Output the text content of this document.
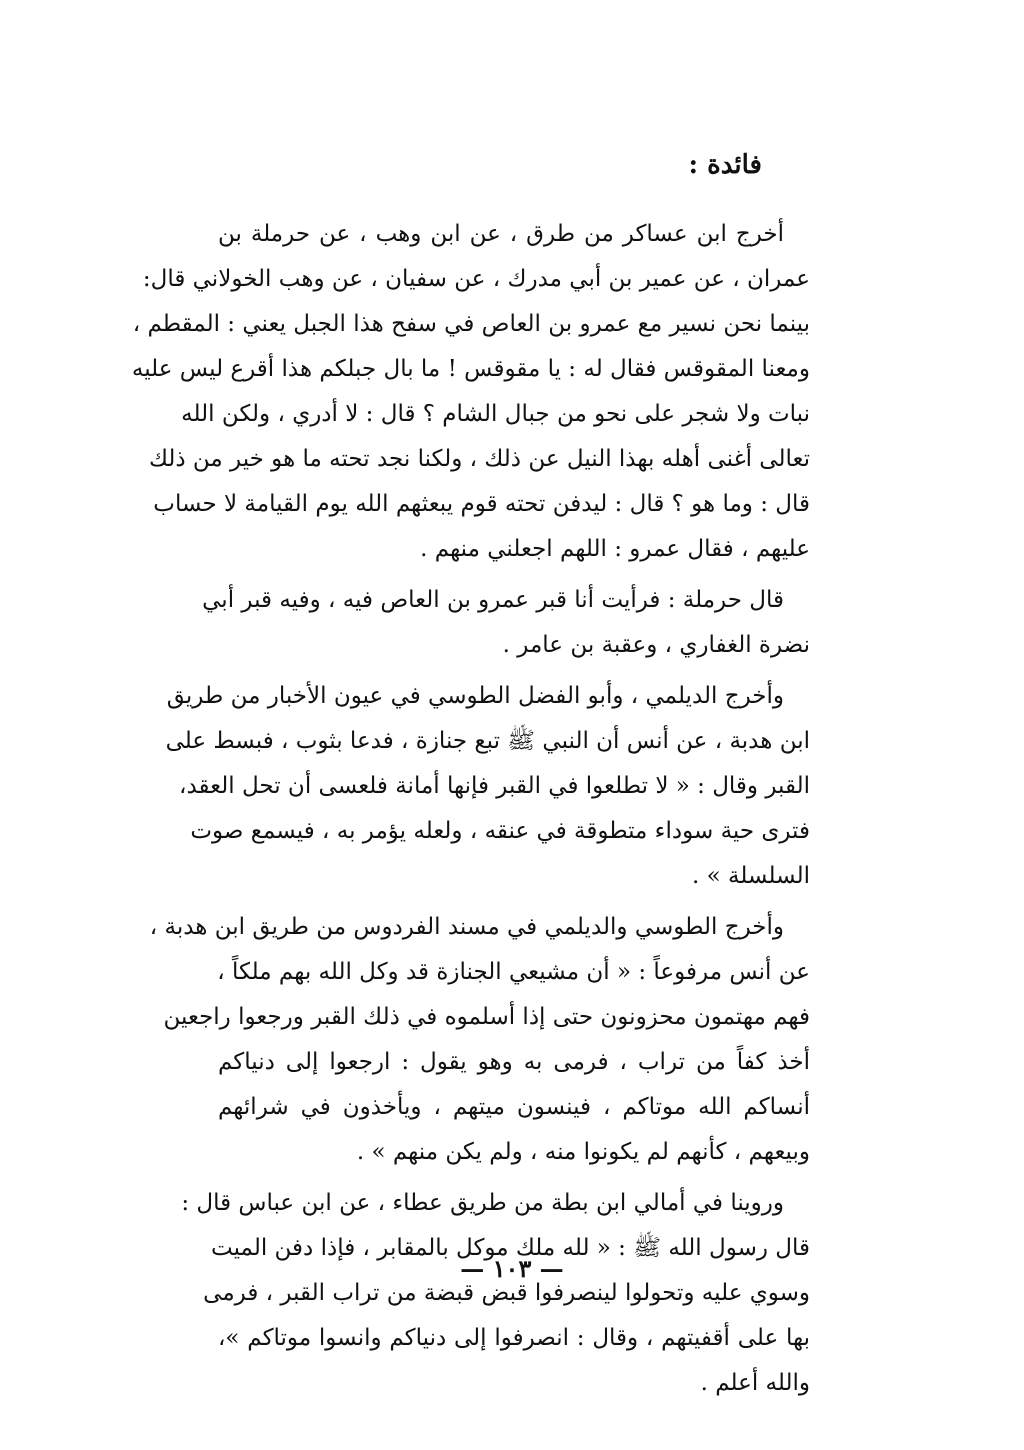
فائدة :
أخرج ابن عساكر من طرق ، عن ابن وهب ، عن حرملة بن
عمران ، عن عمير بن أبي مدرك ، عن سفيان ، عن وهب الخولاني قال:
بينما نحن نسير مع عمرو بن العاص في سفح هذا الجبل يعني : المقطم ،
ومعنا المقوقس فقال له : يا مقوقس ! ما بال جبلكم هذا أقرع ليس عليه
نبات ولا شجر على نحو من جبال الشام ؟ قال : لا أدري ، ولكن الله
تعالى أغنى أهله بهذا النيل عن ذلك ، ولكنا نجد تحته ما هو خير من ذلك
قال : وما هو ؟ قال : ليدفن تحته قوم يبعثهم الله يوم القيامة لا حساب
عليهم ، فقال عمرو : اللهم اجعلني منهم .
قال حرملة : فرأيت أنا قبر عمرو بن العاص فيه ، وفيه قبر أبي
نضرة الغفاري ، وعقبة بن عامر .
وأخرج الديلمي ، وأبو الفضل الطوسي في عيون الأخبار من طريق
ابن هدبة ، عن أنس أن النبي ﷺ تبع جنازة ، فدعا بثوب ، فبسط على
القبر وقال : « لا تطلعوا في القبر فإنها أمانة فلعسى أن تحل العقد،
فترى حية سوداء متطوقة في عنقه ، ولعله يؤمر به ، فيسمع صوت
السلسلة » .
وأخرج الطوسي والديلمي في مسند الفردوس من طريق ابن هدبة ،
عن أنس مرفوعاً : « أن مشيعي الجنازة قد وكل الله بهم ملكاً ،
فهم مهتمون محزونون حتى إذا أسلموه في ذلك القبر ورجعوا راجعين
أخذ كفاً من تراب ، فرمى به وهو يقول : ارجعوا إلى دنياكم
أنساكم الله موتاكم ، فينسون ميتهم ، ويأخذون في شرائهم
وبيعهم ، كأنهم لم يكونوا منه ، ولم يكن منهم » .
وروينا في أمالي ابن بطة من طريق عطاء ، عن ابن عباس قال :
قال رسول الله ﷺ : « لله ملك موكل بالمقابر ، فإذا دفن الميت
وسوي عليه وتحولوا لينصرفوا قبض قبضة من تراب القبر ، فرمى
بها على أقفيتهم ، وقال : انصرفوا إلى دنياكم وانسوا موتاكم »،
والله أعلم .
— ١٠٣ —
